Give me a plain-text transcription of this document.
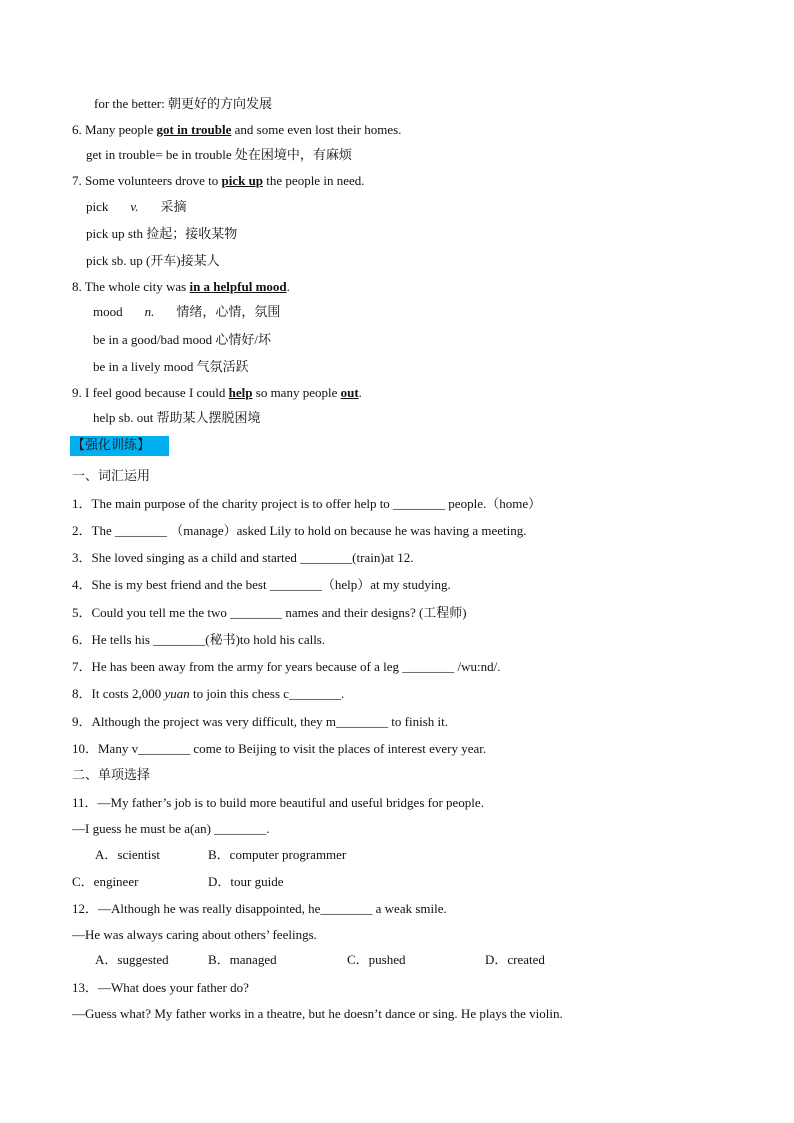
for the better: 朝更好的方向发展
6. Many people got in trouble and some even lost their homes.
get in trouble= be in trouble 处在困境中，有麻烦
7. Some volunteers drove to pick up the people in need.
pick v. 采摘
pick up sth 捡起；接收某物
pick sb. up (开车)接某人
8. The whole city was in a helpful mood.
mood n. 情绪，心情，氛围
be in a good/bad mood 心情好/坏
be in a lively mood 气氛活跃
9. I feel good because I could help so many people out.
help sb. out 帮助某人摆脱困境
【强化训练】
一、词汇运用
1．The main purpose of the charity project is to offer help to ________ people.（home）
2．The ________ （manage）asked Lily to hold on because he was having a meeting.
3．She loved singing as a child and started ________(train)at 12.
4．She is my best friend and the best ________（help）at my studying.
5．Could you tell me the two ________ names and their designs? (工程师)
6．He tells his ________(秘书)to hold his calls.
7．He has been away from the army for years because of a leg ________ /wu:nd/.
8．It costs 2,000 yuan to join this chess c________.
9．Although the project was very difficult, they m________ to finish it.
10．Many v________ come to Beijing to visit the places of interest every year.
二、单项选择
11．—My father’s job is to build more beautiful and useful bridges for people.
—I guess he must be a(an) ________.
A．scientist	B．computer programmer
C．engineer	D．tour guide
12．—Although he was really disappointed, he________ a weak smile.
—He was always caring about others’ feelings.
A．suggested	B．managed	C．pushed	D．created
13．—What does your father do?
—Guess what? My father works in a theatre, but he doesn’t dance or sing. He plays the violin.
